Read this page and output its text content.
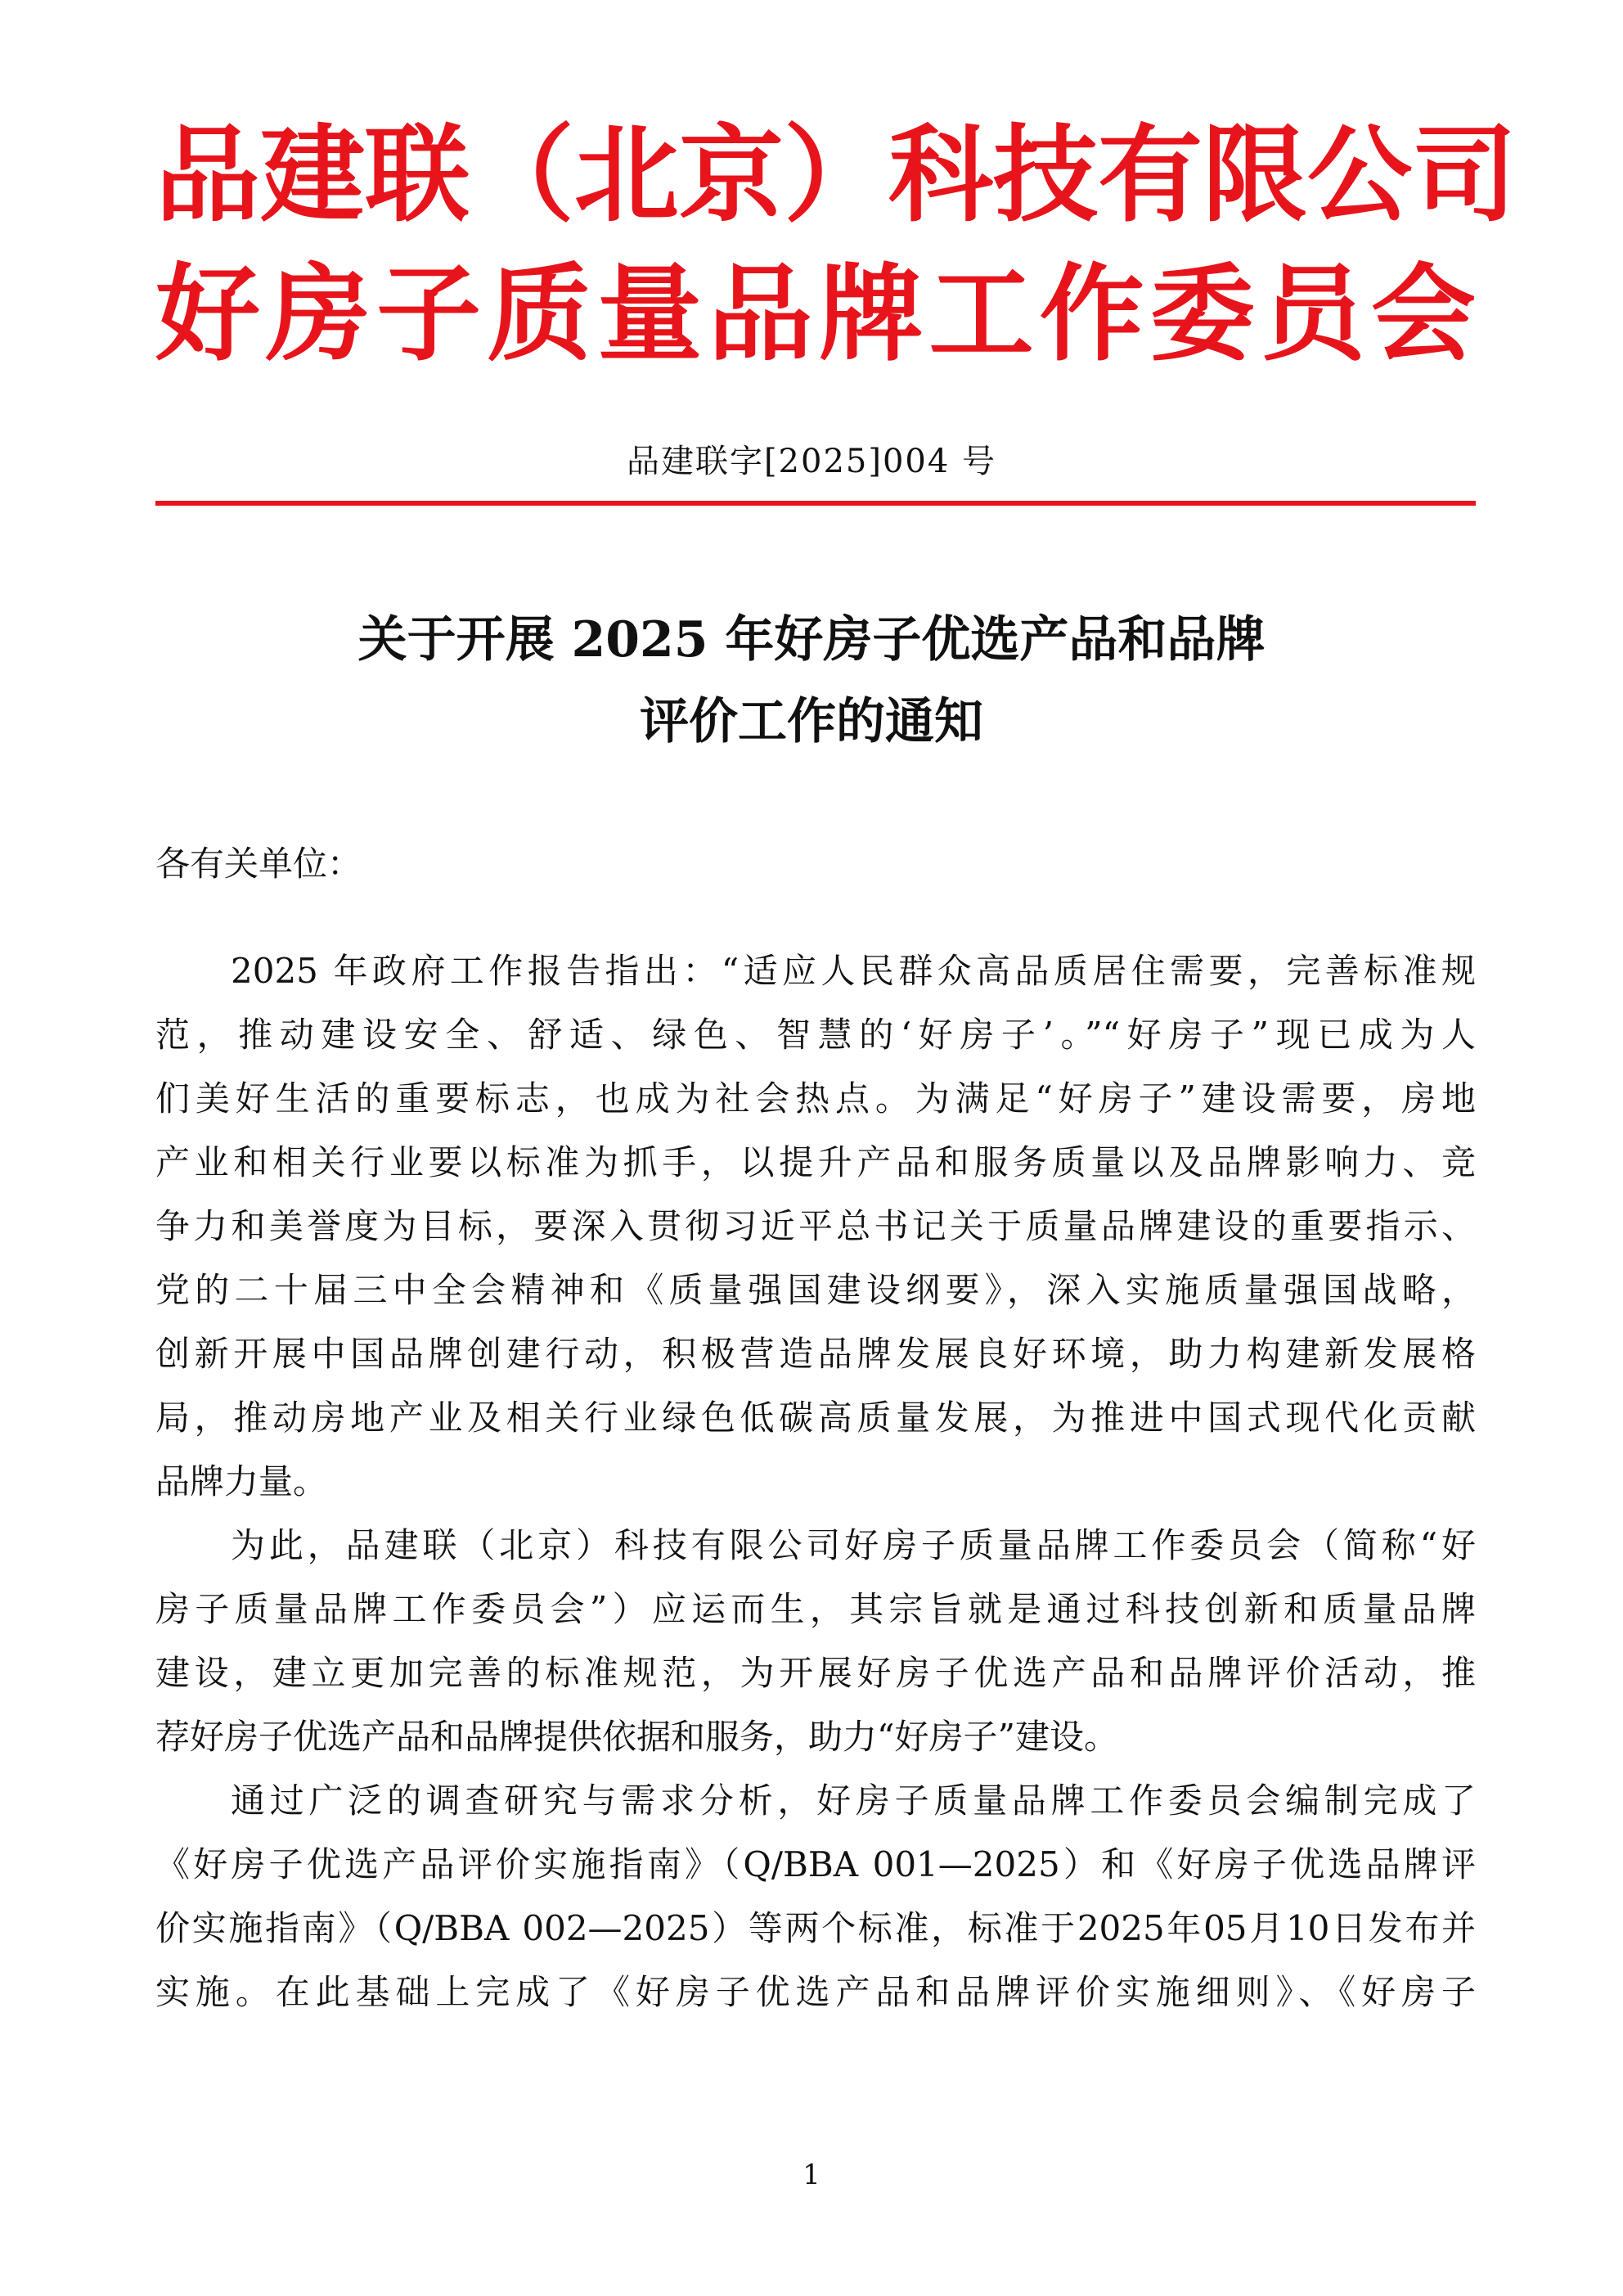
品建联（北京）科技有限公司
好房子质量品牌工作委员会
品建联字[2025]004 号
关于开展 2025 年好房子优选产品和品牌
评价工作的通知
各有关单位：
2025 年政府工作报告指出：“适应人民群众高品质居住需要，完善标准规
范，推动建设安全、舒适、绿色、智慧的‘好房子’。”“好房子”现已成为人
们美好生活的重要标志，也成为社会热点。为满足“好房子”建设需要，房地
产业和相关行业要以标准为抓手，以提升产品和服务质量以及品牌影响力、竞
争力和美誉度为目标，要深入贯彻习近平总书记关于质量品牌建设的重要指示、
党的二十届三中全会精神和《质量强国建设纲要》，深入实施质量强国战略，
创新开展中国品牌创建行动，积极营造品牌发展良好环境，助力构建新发展格
局，推动房地产业及相关行业绿色低碳高质量发展，为推进中国式现代化贡献
品牌力量。
为此，品建联（北京）科技有限公司好房子质量品牌工作委员会（简称“好
房子质量品牌工作委员会”）应运而生，其宗旨就是通过科技创新和质量品牌
建设，建立更加完善的标准规范，为开展好房子优选产品和品牌评价活动，推
荐好房子优选产品和品牌提供依据和服务，助力“好房子”建设。
通过广泛的调查研究与需求分析，好房子质量品牌工作委员会编制完成了
《好房子优选产品评价实施指南》（Q/BBA 001—2025）和《好房子优选品牌评
价实施指南》（Q/BBA 002—2025）等两个标准，标准于2025年05月10日发布并
实施。在此基础上完成了《好房子优选产品和品牌评价实施细则》、《好房子
1
